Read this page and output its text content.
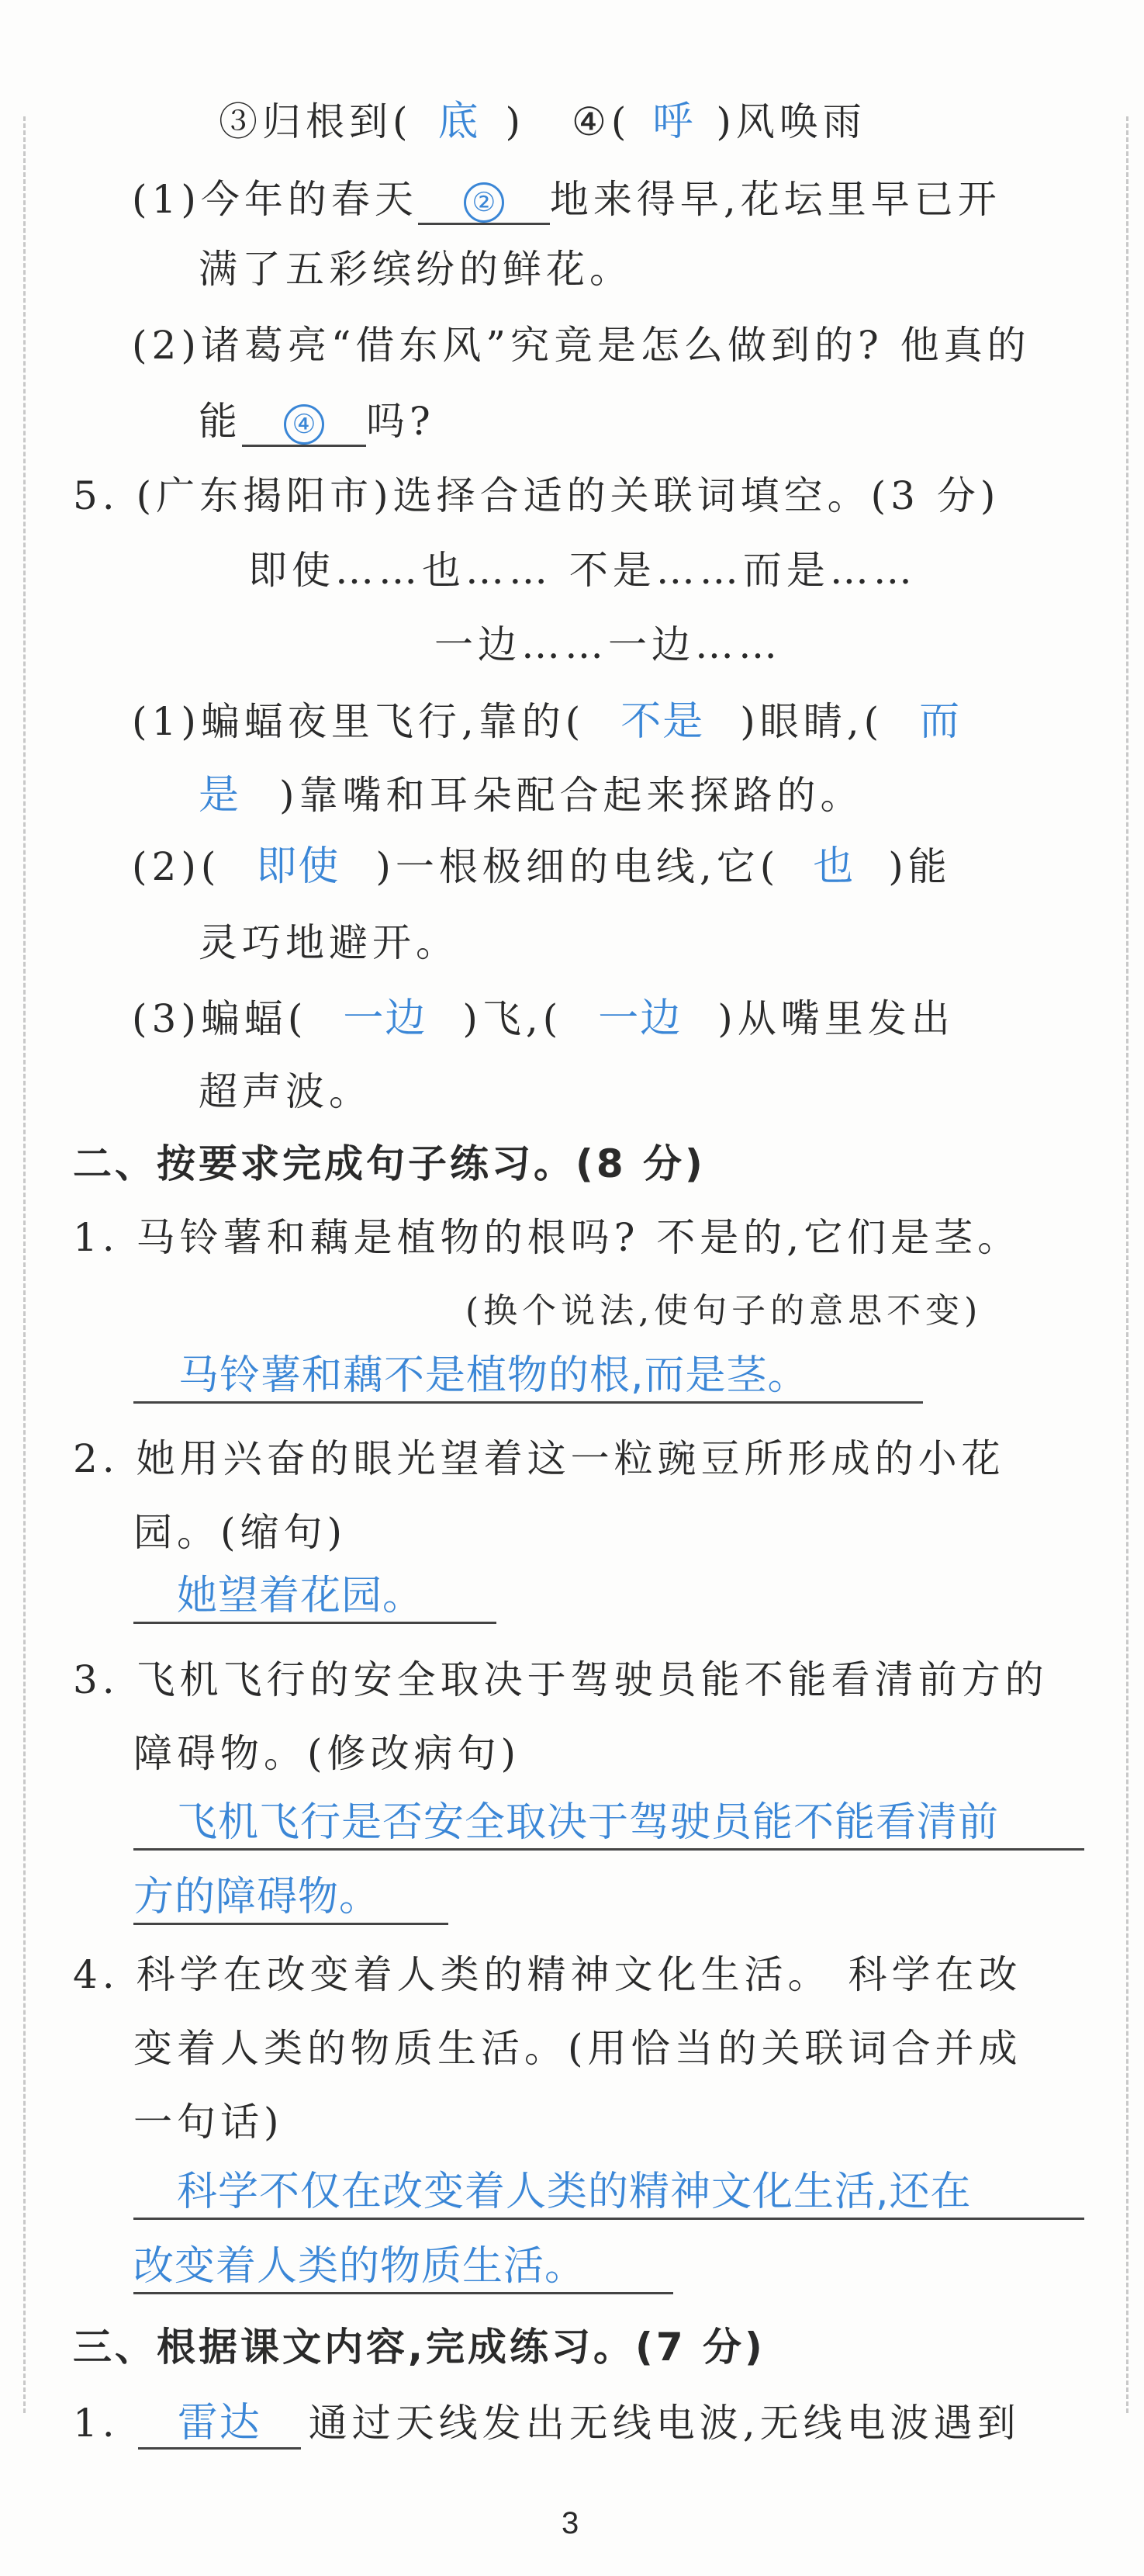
③归根到( 底 ) ④( 呼 )风唤雨
(1)今年的春天 ② 地来得早,花坛里早已开
满了五彩缤纷的鲜花。
(2)诸葛亮“借东风”究竟是怎么做到的? 他真的
能 ④ 吗?
5. (广东揭阳市)选择合适的关联词填空。(3 分)
即使……也…… 不是……而是……
一边……一边……
(1)蝙蝠夜里飞行,靠的( 不是 )眼睛,( 而
是 )靠嘴和耳朵配合起来探路的。
(2)( 即使 )一根极细的电线,它( 也 )能
灵巧地避开。
(3)蝙蝠( 一边 )飞,( 一边 )从嘴里发出
超声波。
二、按要求完成句子练习。(8 分)
1. 马铃薯和藕是植物的根吗? 不是的,它们是茎。
(换个说法,使句子的意思不变)
马铃薯和藕不是植物的根,而是茎。
2. 她用兴奋的眼光望着这一粒豌豆所形成的小花
园。(缩句)
她望着花园。
3. 飞机飞行的安全取决于驾驶员能不能看清前方的
障碍物。(修改病句)
飞机飞行是否安全取决于驾驶员能不能看清前
方的障碍物。
4. 科学在改变着人类的精神文化生活。 科学在改
变着人类的物质生活。(用恰当的关联词合并成
一句话)
科学不仅在改变着人类的精神文化生活,还在
改变着人类的物质生活。
三、根据课文内容,完成练习。(7 分)
1. 雷达 通过天线发出无线电波,无线电波遇到
3
